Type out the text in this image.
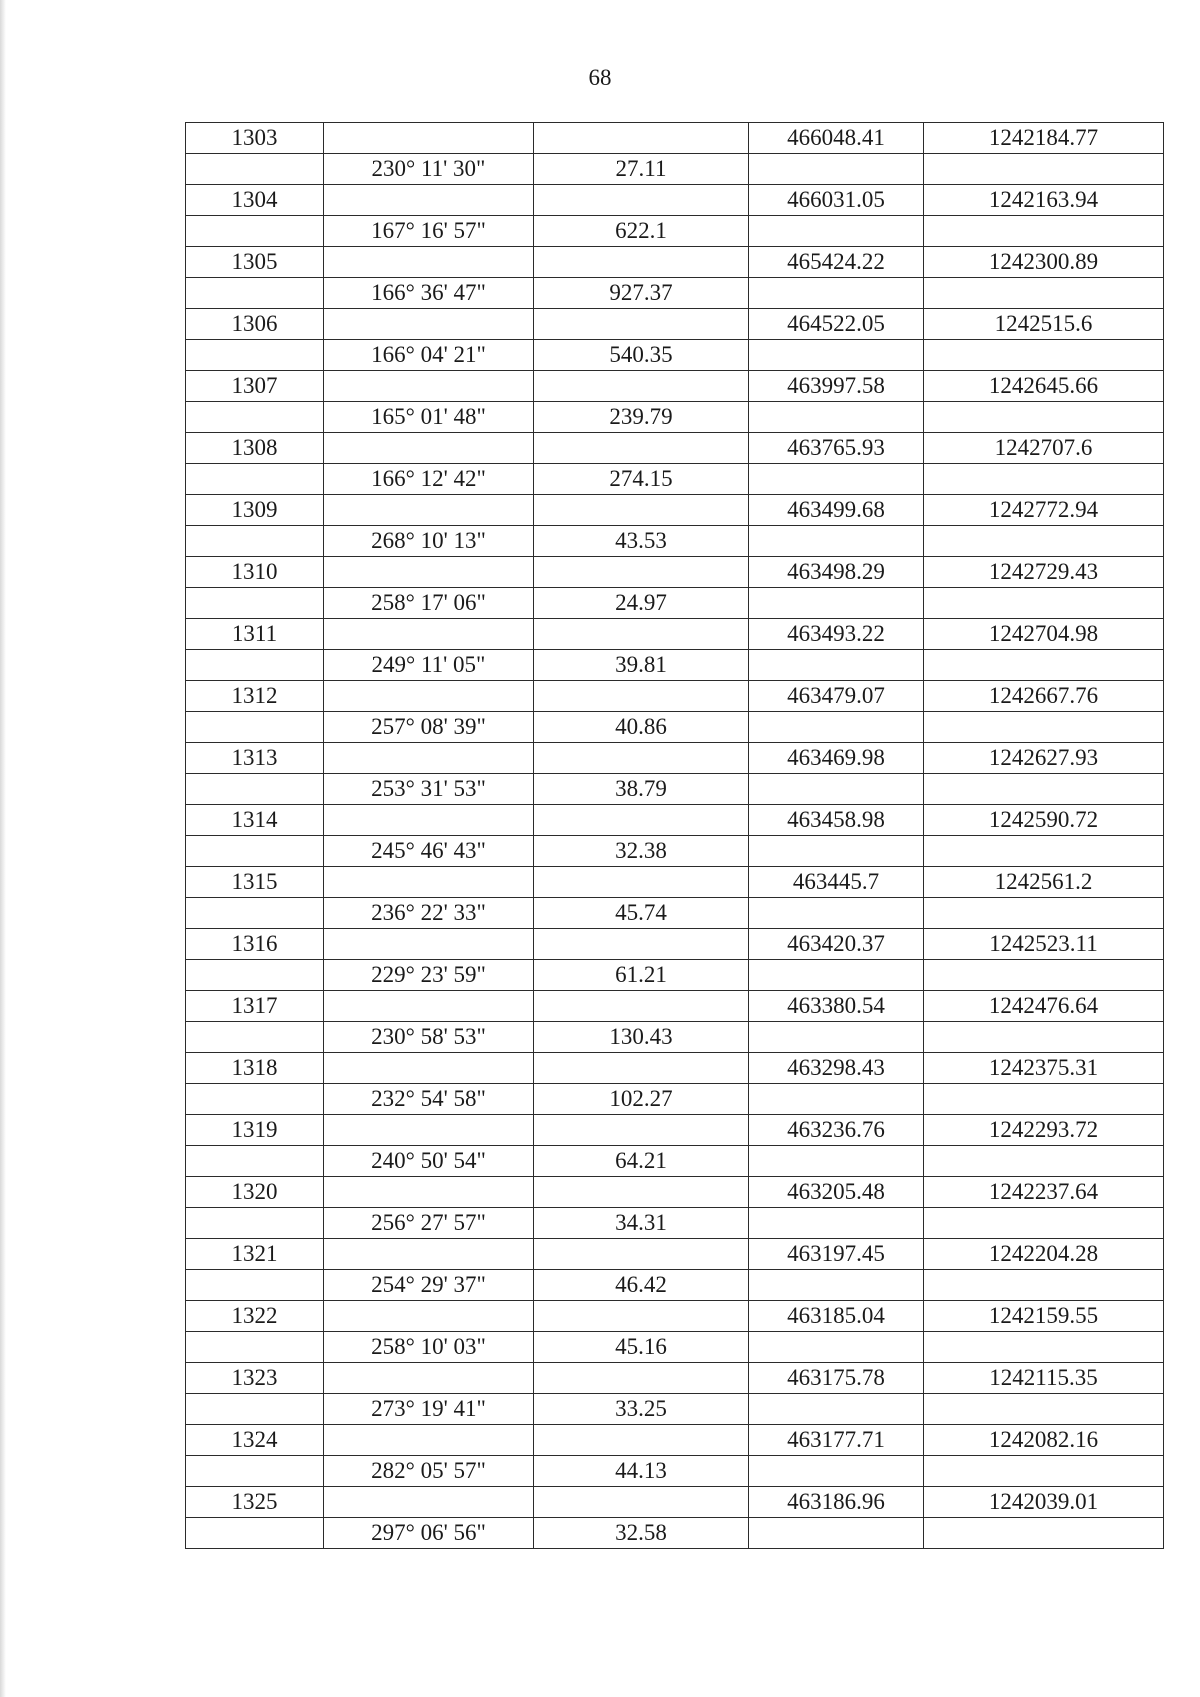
68
1303			466048.41	1242184.77
	230° 11' 30"	27.11		
1304			466031.05	1242163.94
	167° 16' 57"	622.1		
1305			465424.22	1242300.89
	166° 36' 47"	927.37		
1306			464522.05	1242515.6
	166° 04' 21"	540.35		
1307			463997.58	1242645.66
	165° 01' 48"	239.79		
1308			463765.93	1242707.6
	166° 12' 42"	274.15		
1309			463499.68	1242772.94
	268° 10' 13"	43.53		
1310			463498.29	1242729.43
	258° 17' 06"	24.97		
1311			463493.22	1242704.98
	249° 11' 05"	39.81		
1312			463479.07	1242667.76
	257° 08' 39"	40.86		
1313			463469.98	1242627.93
	253° 31' 53"	38.79		
1314			463458.98	1242590.72
	245° 46' 43"	32.38		
1315			463445.7	1242561.2
	236° 22' 33"	45.74		
1316			463420.37	1242523.11
	229° 23' 59"	61.21		
1317			463380.54	1242476.64
	230° 58' 53"	130.43		
1318			463298.43	1242375.31
	232° 54' 58"	102.27		
1319			463236.76	1242293.72
	240° 50' 54"	64.21		
1320			463205.48	1242237.64
	256° 27' 57"	34.31		
1321			463197.45	1242204.28
	254° 29' 37"	46.42		
1322			463185.04	1242159.55
	258° 10' 03"	45.16		
1323			463175.78	1242115.35
	273° 19' 41"	33.25		
1324			463177.71	1242082.16
	282° 05' 57"	44.13		
1325			463186.96	1242039.01
	297° 06' 56"	32.58		
